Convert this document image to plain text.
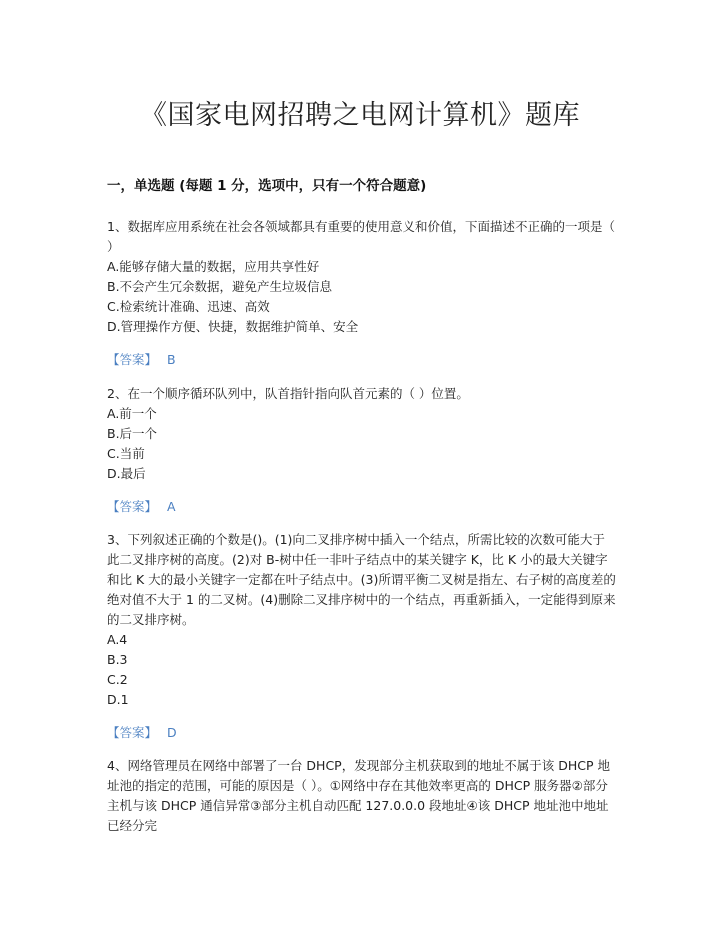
《国家电网招聘之电网计算机》题库
一，单选题 (每题 1 分，选项中，只有一个符合题意)

1、数据库应用系统在社会各领域都具有重要的使用意义和价值，下面描述不正确的一项是（ ）

A.能够存储大量的数据，应用共享性好
B.不会产生冗余数据，避免产生垃圾信息
C.检索统计准确、迅速、高效
D.管理操作方便、快捷，数据维护简单、安全
【答案】 B

2、在一个顺序循环队列中，队首指针指向队首元素的（ ）位置。

A.前一个
B.后一个
C.当前
D.最后
【答案】 A

3、下列叙述正确的个数是()。(1)向二叉排序树中插入一个结点，所需比较的次数可能大于此二叉排序树的高度。(2)对 B-树中任一非叶子结点中的某关键字 K，比 K 小的最大关键字和比 K 大的最小关键字一定都在叶子结点中。(3)所谓平衡二叉树是指左、右子树的高度差的绝对值不大于 1 的二叉树。(4)删除二叉排序树中的一个结点，再重新插入，一定能得到原来的二叉排序树。

A.4
B.3
C.2
D.1
【答案】 D

4、网络管理员在网络中部署了一台 DHCP，发现部分主机获取到的地址不属于该 DHCP 地址池的指定的范围，可能的原因是（ ）。①网络中存在其他效率更高的 DHCP 服务器②部分主机与该 DHCP 通信异常③部分主机自动匹配 127.0.0.0 段地址④该 DHCP 地址池中地址已经分完
